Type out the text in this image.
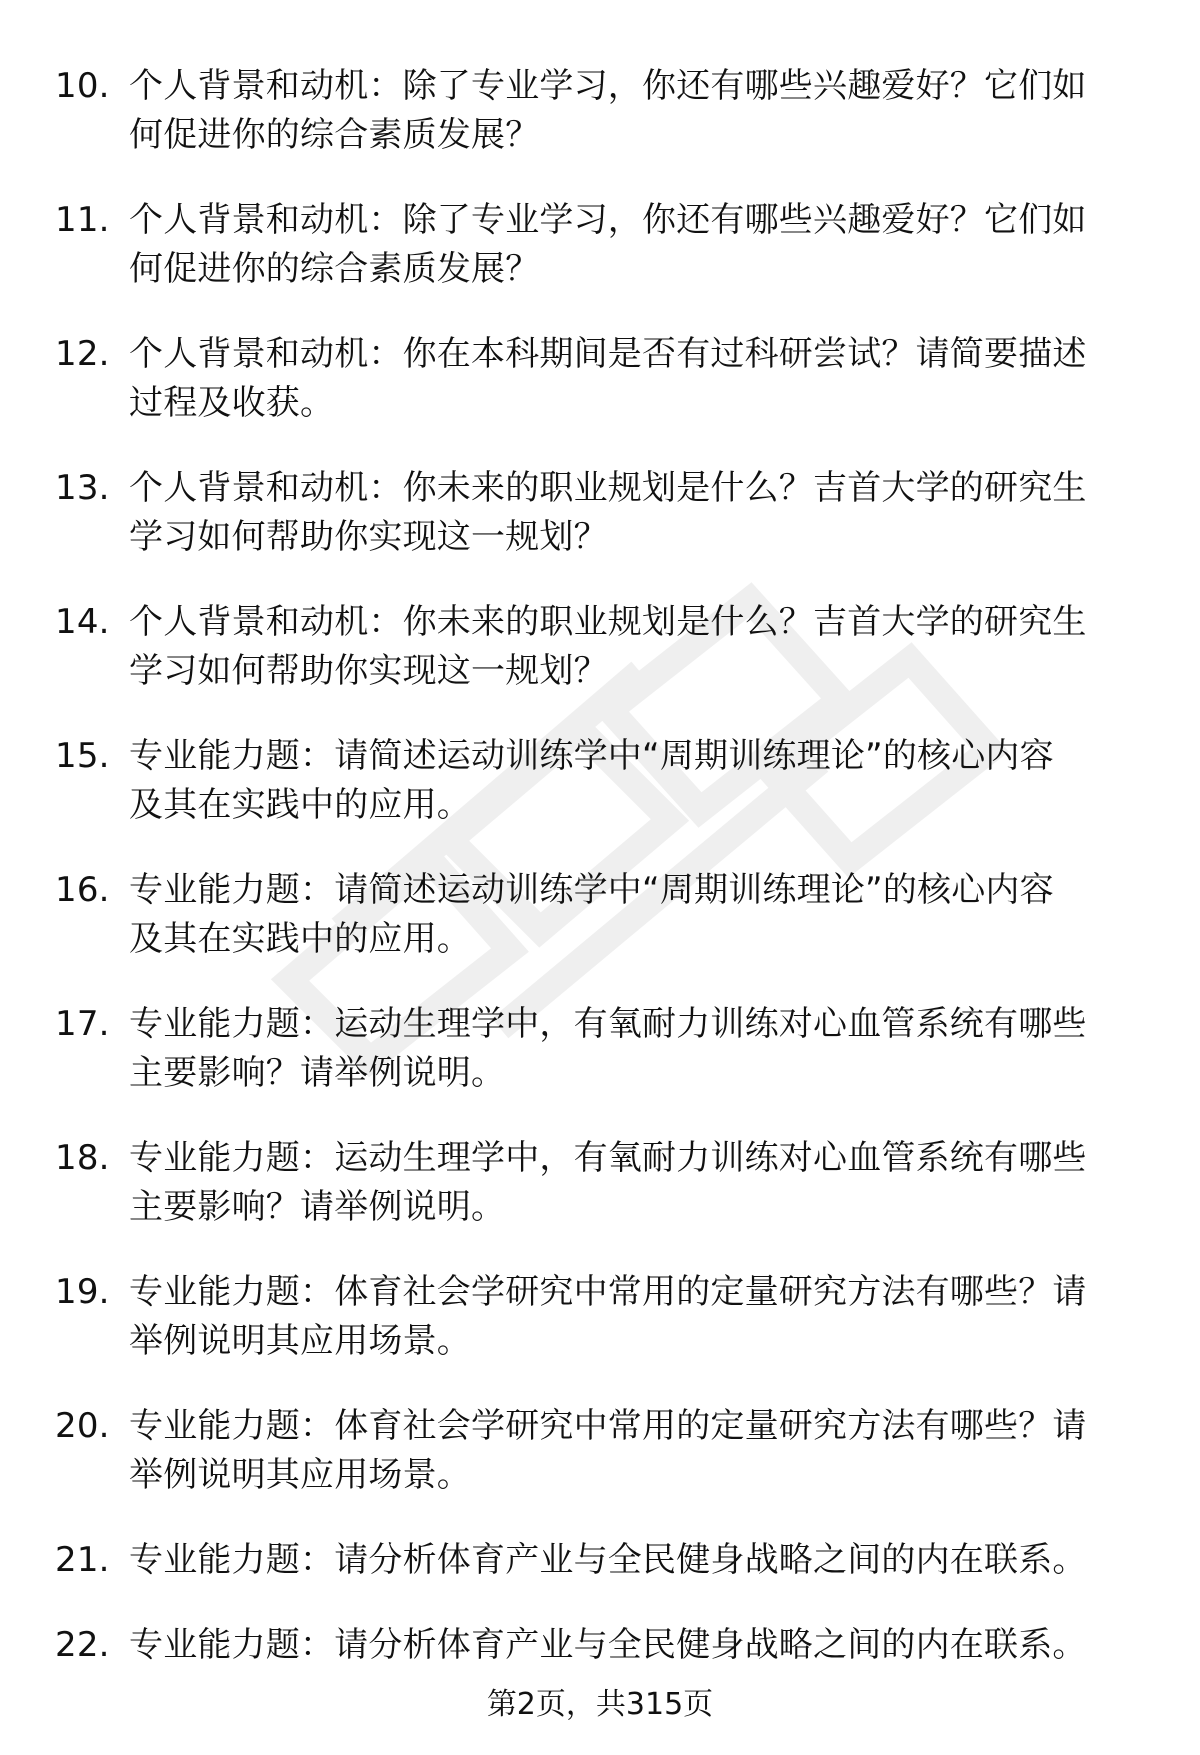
10. 个人背景和动机：除了专业学习，你还有哪些兴趣爱好？它们如
何促进你的综合素质发展？
11. 个人背景和动机：除了专业学习，你还有哪些兴趣爱好？它们如
何促进你的综合素质发展？
12. 个人背景和动机：你在本科期间是否有过科研尝试？请简要描述
过程及收获。
13. 个人背景和动机：你未来的职业规划是什么？吉首大学的研究生
学习如何帮助你实现这一规划？
14. 个人背景和动机：你未来的职业规划是什么？吉首大学的研究生
学习如何帮助你实现这一规划？
15. 专业能力题：请简述运动训练学中“周期训练理论”的核心内容
及其在实践中的应用。
16. 专业能力题：请简述运动训练学中“周期训练理论”的核心内容
及其在实践中的应用。
17. 专业能力题：运动生理学中，有氧耐力训练对心血管系统有哪些
主要影响？请举例说明。
18. 专业能力题：运动生理学中，有氧耐力训练对心血管系统有哪些
主要影响？请举例说明。
19. 专业能力题：体育社会学研究中常用的定量研究方法有哪些？请
举例说明其应用场景。
20. 专业能力题：体育社会学研究中常用的定量研究方法有哪些？请
举例说明其应用场景。
21. 专业能力题：请分析体育产业与全民健身战略之间的内在联系。
22. 专业能力题：请分析体育产业与全民健身战略之间的内在联系。
第2页，共315页
